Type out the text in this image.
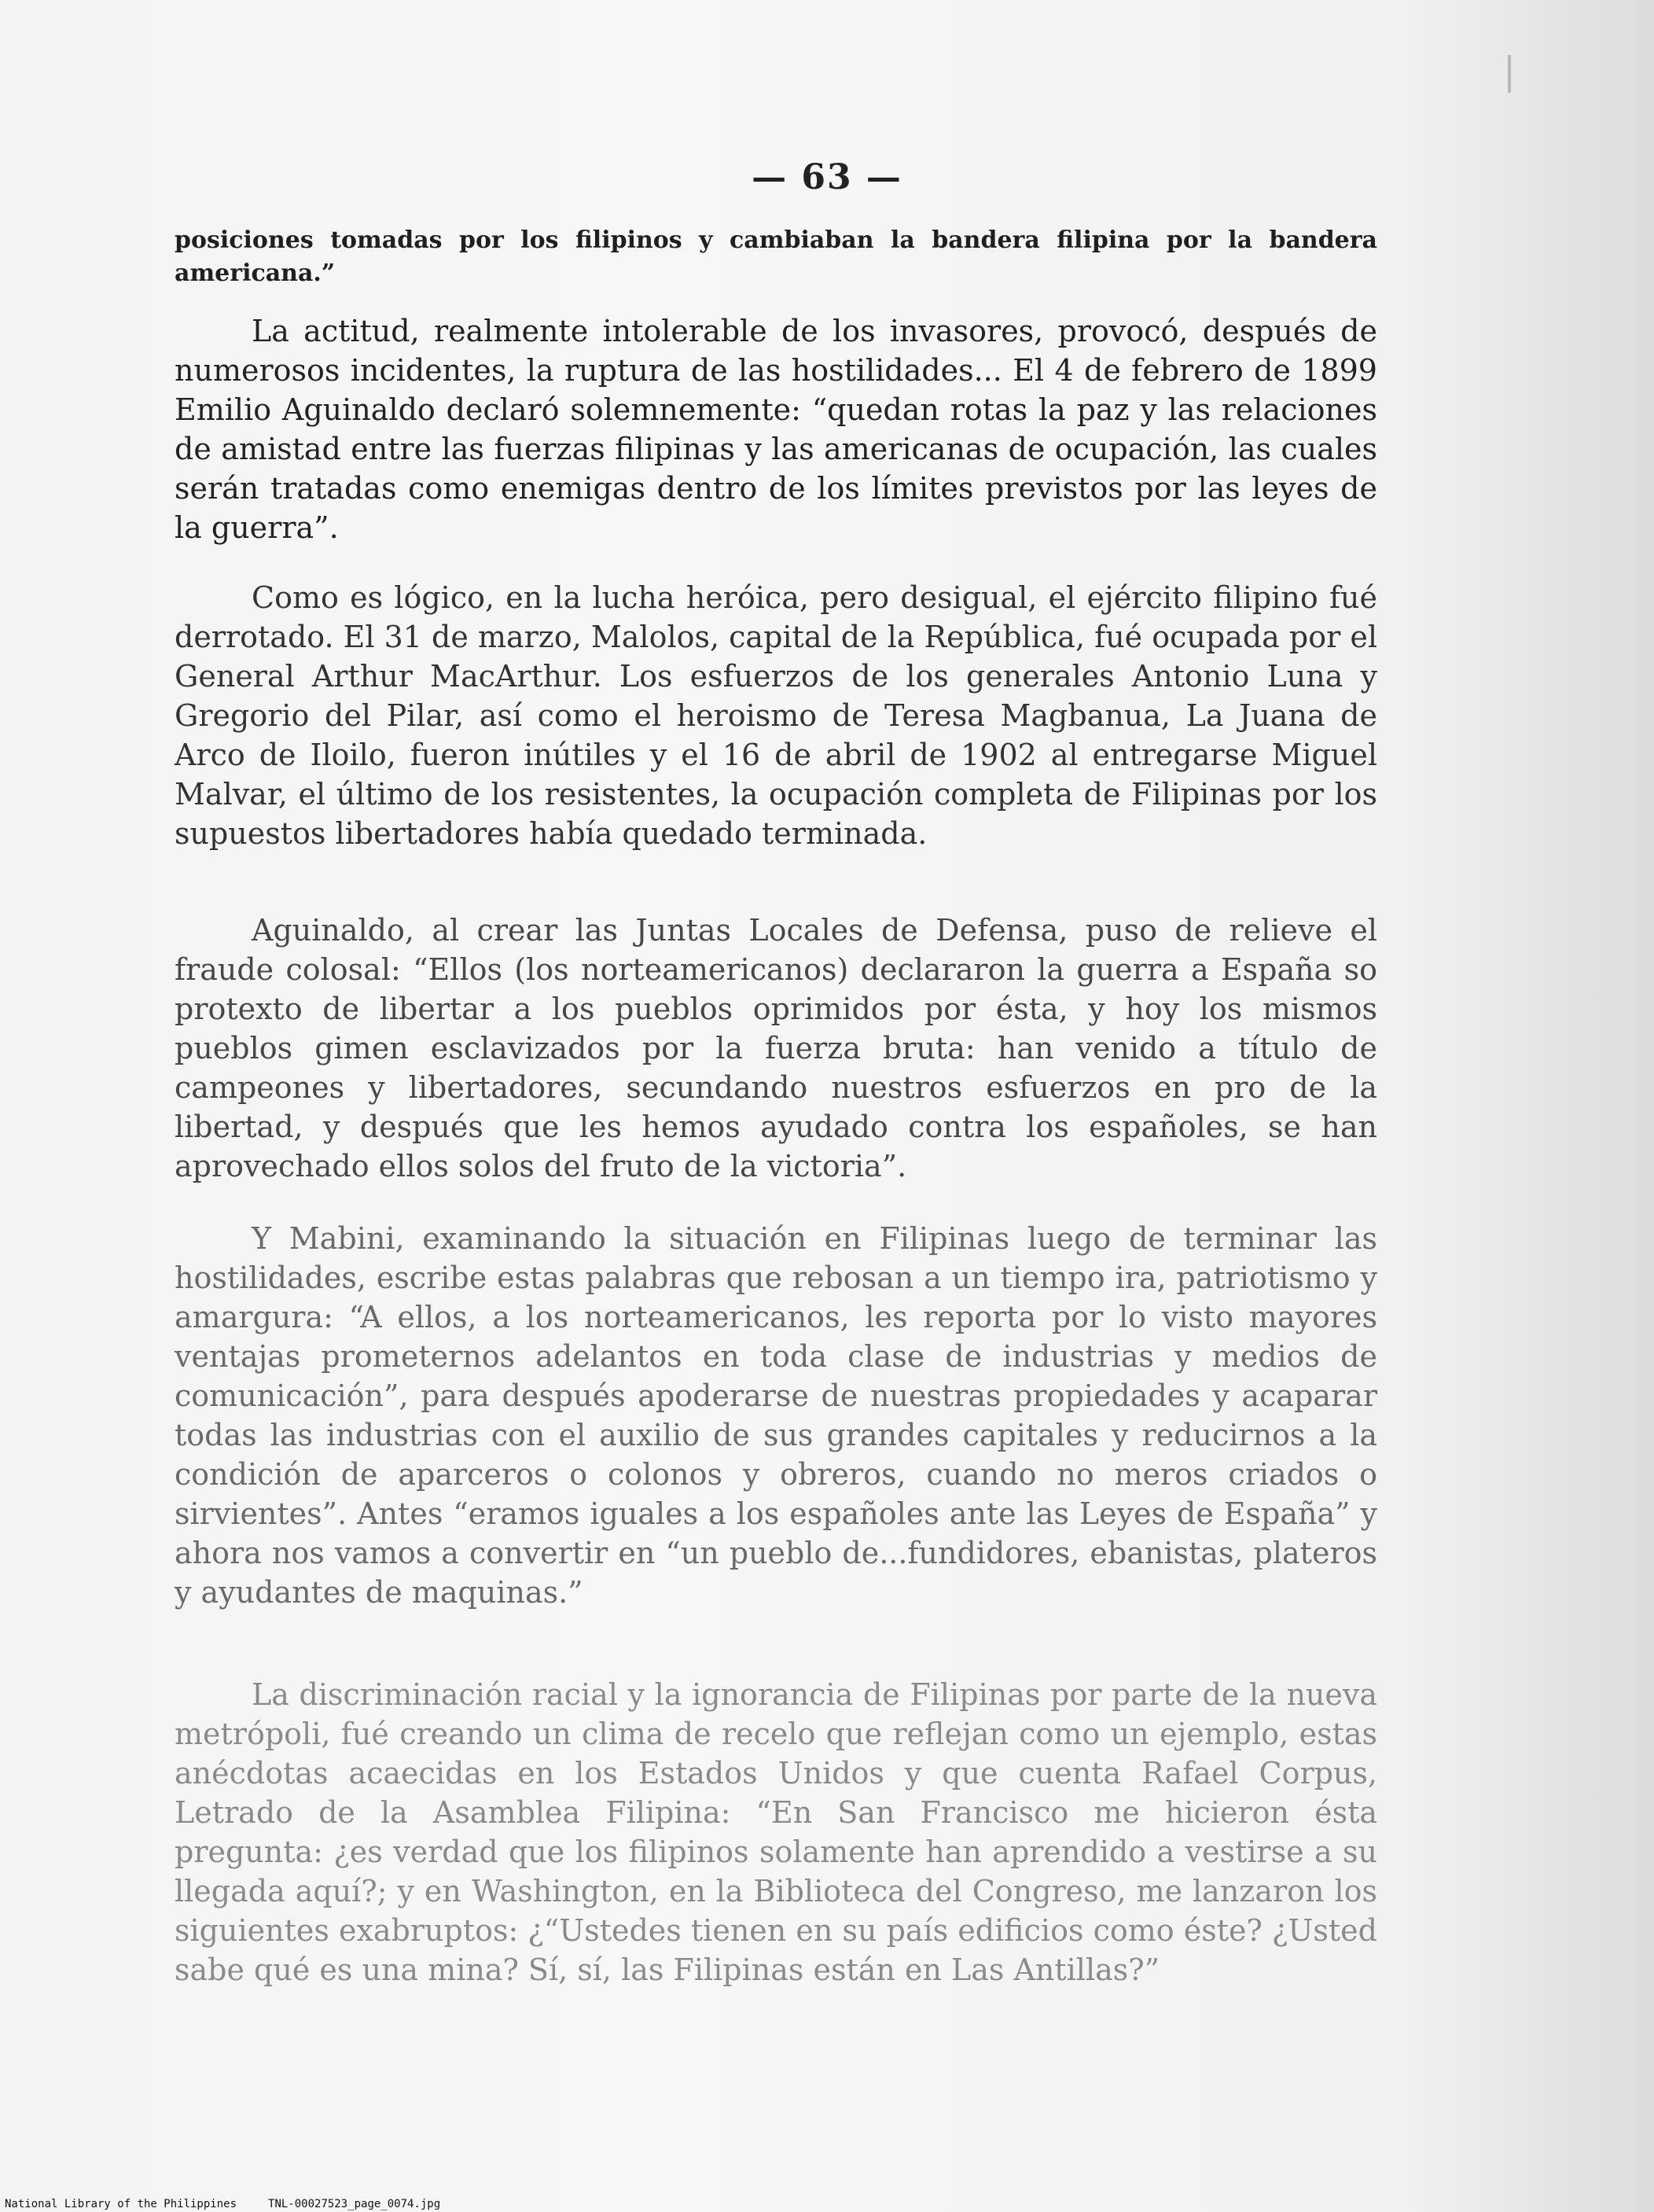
— 63 —
posiciones tomadas por los filipinos y cambiaban la bandera filipina por la bandera americana.”

La actitud, realmente intolerable de los invasores, provocó, después de numerosos incidentes, la ruptura de las hostilidades... El 4 de febrero de 1899 Emilio Aguinaldo declaró solemnemente: “quedan rotas la paz y las relaciones de amistad entre las fuerzas filipinas y las americanas de ocupación, las cuales serán tratadas como enemigas dentro de los límites previstos por las leyes de la guerra”.

Como es lógico, en la lucha heróica, pero desigual, el ejército filipino fué derrotado. El 31 de marzo, Malolos, capital de la República, fué ocupada por el General Arthur MacArthur. Los esfuerzos de los generales Antonio Luna y Gregorio del Pilar, así como el heroismo de Teresa Magbanua, La Juana de Arco de Iloilo, fueron inútiles y el 16 de abril de 1902 al entregarse Miguel Malvar, el último de los resistentes, la ocupación completa de Filipinas por los supuestos libertadores había quedado terminada.

Aguinaldo, al crear las Juntas Locales de Defensa, puso de relieve el fraude colosal: “Ellos (los norteamericanos) declararon la guerra a España so protexto de libertar a los pueblos oprimidos por ésta, y hoy los mismos pueblos gimen esclavizados por la fuerza bruta: han venido a título de campeones y libertadores, secundando nuestros esfuerzos en pro de la libertad, y después que les hemos ayudado contra los españoles, se han aprovechado ellos solos del fruto de la victoria”.

Y Mabini, examinando la situación en Filipinas luego de terminar las hostilidades, escribe estas palabras que rebosan a un tiempo ira, patriotismo y amargura: “A ellos, a los norteamericanos, les reporta por lo visto mayores ventajas prometernos adelantos en toda clase de industrias y medios de comunicación”, para después apoderarse de nuestras propiedades y acaparar todas las industrias con el auxilio de sus grandes capitales y reducirnos a la condición de aparceros o colonos y obreros, cuando no meros criados o sirvientes”. Antes “eramos iguales a los españoles ante las Leyes de España” y ahora nos vamos a convertir en “un pueblo de...fundidores, ebanistas, plateros y ayudantes de maquinas.”

La discriminación racial y la ignorancia de Filipinas por parte de la nueva metrópoli, fué creando un clima de recelo que reflejan como un ejemplo, estas anécdotas acaecidas en los Estados Unidos y que cuenta Rafael Corpus, Letrado de la Asamblea Filipina: “En San Francisco me hicieron ésta pregunta: ¿es verdad que los filipinos solamente han aprendido a vestirse a su llegada aquí?; y en Washington, en la Biblioteca del Congreso, me lanzaron los siguientes exabruptos: ¿“Ustedes tienen en su país edificios como éste? ¿Usted sabe qué es una mina? Sí, sí, las Filipinas están en Las Antillas?”

National Library of the Philippines	TNL-00027523_page_0074.jpg
